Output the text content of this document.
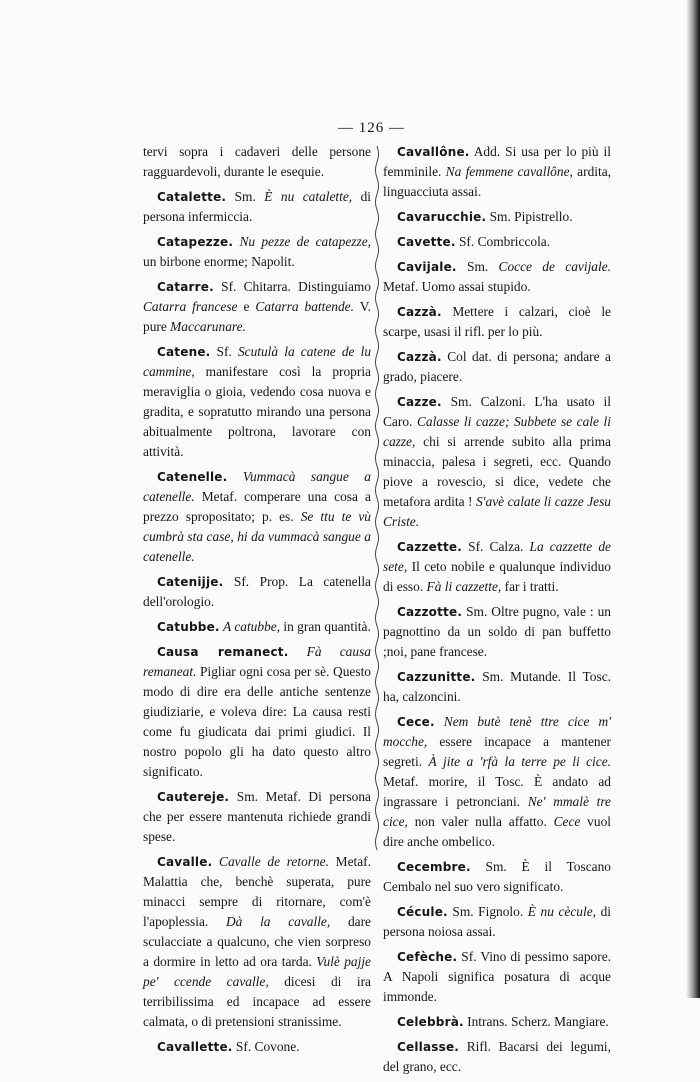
— 126 —

tervi sopra i cadaveri delle persone ragguardevoli, durante le esequie.

Catalette. Sm. È nu catalette, di persona infermiccia.

Catapezze. Nu pezze de catapezze, un birbone enorme; Napolit.

Catarre. Sf. Chitarra. Distinguiamo Catarra francese e Catarra battende. V. pure Maccarunare.

Catene. Sf. Scutulà la catene de lu cammine, manifestare così la propria meraviglia o gioia, vedendo cosa nuova e gradita, e sopratutto mirando una persona abitualmente poltrona, lavorare con attività.

Catenelle. Vummacà sangue a catenelle. Metaf. comperare una cosa a prezzo spropositato; p. es. Se ttu te vù cumbrà sta case, hi da vummacà sangue a catenelle.

Catenijje. Sf. Prop. La catenella dell'orologio.

Catubbe. A catubbe, in gran quantità.

Causa remanect. Fà causa remaneat. Pigliar ogni cosa per sè. Questo modo di dire era delle antiche sentenze giudiziarie, e voleva dire: La causa resti come fu giudicata dai primi giudici. Il nostro popolo gli ha dato questo altro significato.

Cautereje. Sm. Metaf. Di persona che per essere mantenuta richiede grandi spese.

Cavalle. Cavalle de retorne. Metaf. Malattia che, benchè superata, pure minacci sempre di ritornare, com'è l'apoplessia. Dà la cavalle, dare sculacciate a qualcuno, che vien sorpreso a dormire in letto ad ora tarda. Vulè pajje pe' ccende cavalle, dicesi di ira terribilissima ed incapace ad essere calmata, o di pretensioni stranissime.

Cavallette. Sf. Covone.

Cavallône. Add. Si usa per lo più il femminile. Na femmene cavallône, ardita, linguacciuta assai.

Cavarucchie. Sm. Pipistrello.

Cavette. Sf. Combriccola.

Cavijale. Sm. Cocce de cavijale. Metaf. Uomo assai stupido.

Cazzà. Mettere i calzari, cioè le scarpe, usasi il rifl. per lo più.

Cazzà. Col dat. di persona; andare a grado, piacere.

Cazze. Sm. Calzoni. L'ha usato il Caro. Calasse li cazze; Subbete se cale li cazze, chi si arrende subito alla prima minaccia, palesa i segreti, ecc. Quando piove a rovescio, si dice, vedete che metafora ardita ! S'avè calate li cazze Jesu Criste.

Cazzette. Sf. Calza. La cazzette de sete, Il ceto nobile e qualunque individuo di esso. Fà li cazzette, far i tratti.

Cazzotte. Sm. Oltre pugno, vale : un pagnottino da un soldo di pan buffetto ;noi, pane francese.

Cazzunitte. Sm. Mutande. Il Tosc. ha, calzoncini.

Cece. Nem butè tenè ttre cice m' mocche, essere incapace a mantener segreti. À jite a 'rfà la terre pe li cice. Metaf. morire, il Tosc. È andato ad ingrassare i petronciani. Ne' mmalè tre cice, non valer nulla affatto. Cece vuol dire anche ombelico.

Cecembre. Sm. È il Toscano Cembalo nel suo vero significato.

Cécule. Sm. Fignolo. È nu cècule, di persona noiosa assai.

Cefèche. Sf. Vino di pessimo sapore. A Napoli significa posatura di acque immonde.

Celebbrà. Intrans. Scherz. Mangiare.

Cellasse. Rifl. Bacarsi dei legumi, del grano, ecc.
